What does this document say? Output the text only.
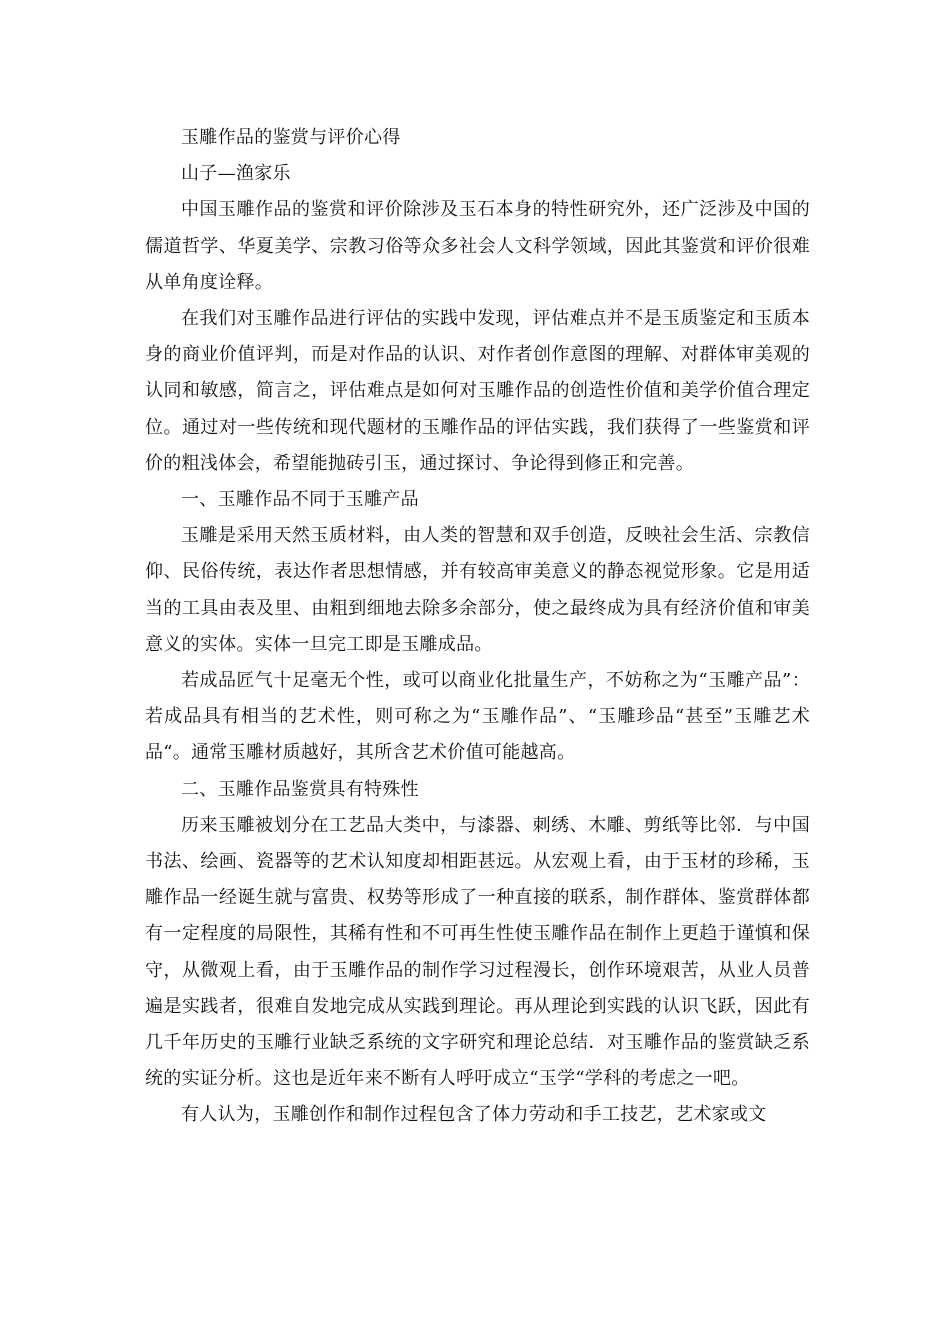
玉雕作品的鉴赏与评价心得

山子—渔家乐

中国玉雕作品的鉴赏和评价除涉及玉石本身的特性研究外，还广泛涉及中国的儒道哲学、华夏美学、宗教习俗等众多社会人文科学领域，因此其鉴赏和评价很难从单角度诠释。

在我们对玉雕作品进行评估的实践中发现，评估难点并不是玉质鉴定和玉质本身的商业价值评判，而是对作品的认识、对作者创作意图的理解、对群体审美观的认同和敏感，简言之，评估难点是如何对玉雕作品的创造性价值和美学价值合理定位。通过对一些传统和现代题材的玉雕作品的评估实践，我们获得了一些鉴赏和评价的粗浅体会，希望能抛砖引玉，通过探讨、争论得到修正和完善。

一、玉雕作品不同于玉雕产品

玉雕是采用天然玉质材料，由人类的智慧和双手创造，反映社会生活、宗教信仰、民俗传统，表达作者思想情感，并有较高审美意义的静态视觉形象。它是用适当的工具由表及里、由粗到细地去除多余部分，使之最终成为具有经济价值和审美意义的实体。实体一旦完工即是玉雕成品。

若成品匠气十足毫无个性，或可以商业化批量生产，不妨称之为“玉雕产品”：若成品具有相当的艺术性，则可称之为“玉雕作品”、“玉雕珍品“甚至”玉雕艺术品“。通常玉雕材质越好，其所含艺术价值可能越高。

二、玉雕作品鉴赏具有特殊性

历来玉雕被划分在工艺品大类中，与漆器、刺绣、木雕、剪纸等比邻．与中国书法、绘画、瓷器等的艺术认知度却相距甚远。从宏观上看，由于玉材的珍稀，玉雕作品一经诞生就与富贵、权势等形成了一种直接的联系，制作群体、鉴赏群体都有一定程度的局限性，其稀有性和不可再生性使玉雕作品在制作上更趋于谨慎和保守，从微观上看，由于玉雕作品的制作学习过程漫长，创作环境艰苦，从业人员普遍是实践者，很难自发地完成从实践到理论。再从理论到实践的认识飞跃，因此有几千年历史的玉雕行业缺乏系统的文字研究和理论总结．对玉雕作品的鉴赏缺乏系统的实证分析。这也是近年来不断有人呼吁成立“玉学“学科的考虑之一吧。

有人认为，玉雕创作和制作过程包含了体力劳动和手工技艺，艺术家或文
